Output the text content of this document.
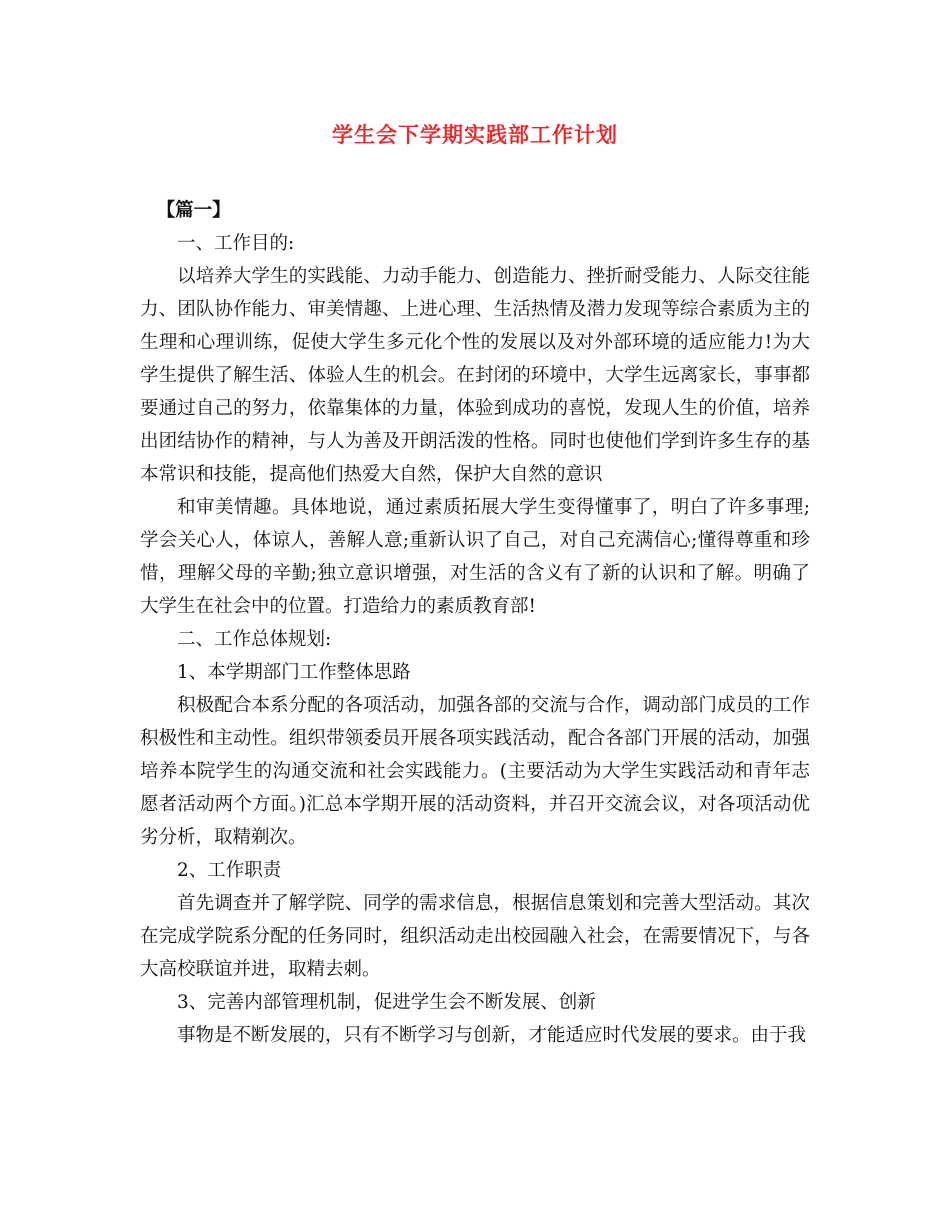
学生会下学期实践部工作计划

【篇一】

一、工作目的:

以培养大学生的实践能、力动手能力、创造能力、挫折耐受能力、人际交往能力、团队协作能力、审美情趣、上进心理、生活热情及潜力发现等综合素质为主的生理和心理训练，促使大学生多元化个性的发展以及对外部环境的适应能力!为大学生提供了解生活、体验人生的机会。在封闭的环境中，大学生远离家长，事事都要通过自己的努力，依靠集体的力量，体验到成功的喜悦，发现人生的价值，培养出团结协作的精神，与人为善及开朗活泼的性格。同时也使他们学到许多生存的基本常识和技能，提高他们热爱大自然，保护大自然的意识

和审美情趣。具体地说，通过素质拓展大学生变得懂事了，明白了许多事理;学会关心人，体谅人，善解人意;重新认识了自己，对自己充满信心;懂得尊重和珍惜，理解父母的辛勤;独立意识增强，对生活的含义有了新的认识和了解。明确了大学生在社会中的位置。打造给力的素质教育部!

二、工作总体规划:

1、本学期部门工作整体思路

积极配合本系分配的各项活动，加强各部的交流与合作，调动部门成员的工作积极性和主动性。组织带领委员开展各项实践活动，配合各部门开展的活动，加强培养本院学生的沟通交流和社会实践能力。(主要活动为大学生实践活动和青年志愿者活动两个方面。)汇总本学期开展的活动资料，并召开交流会议，对各项活动优劣分析，取精剃次。

2、工作职责

首先调查并了解学院、同学的需求信息，根据信息策划和完善大型活动。其次在完成学院系分配的任务同时，组织活动走出校园融入社会，在需要情况下，与各大高校联谊并进，取精去刺。

3、完善内部管理机制，促进学生会不断发展、创新

事物是不断发展的，只有不断学习与创新，才能适应时代发展的要求。由于我
